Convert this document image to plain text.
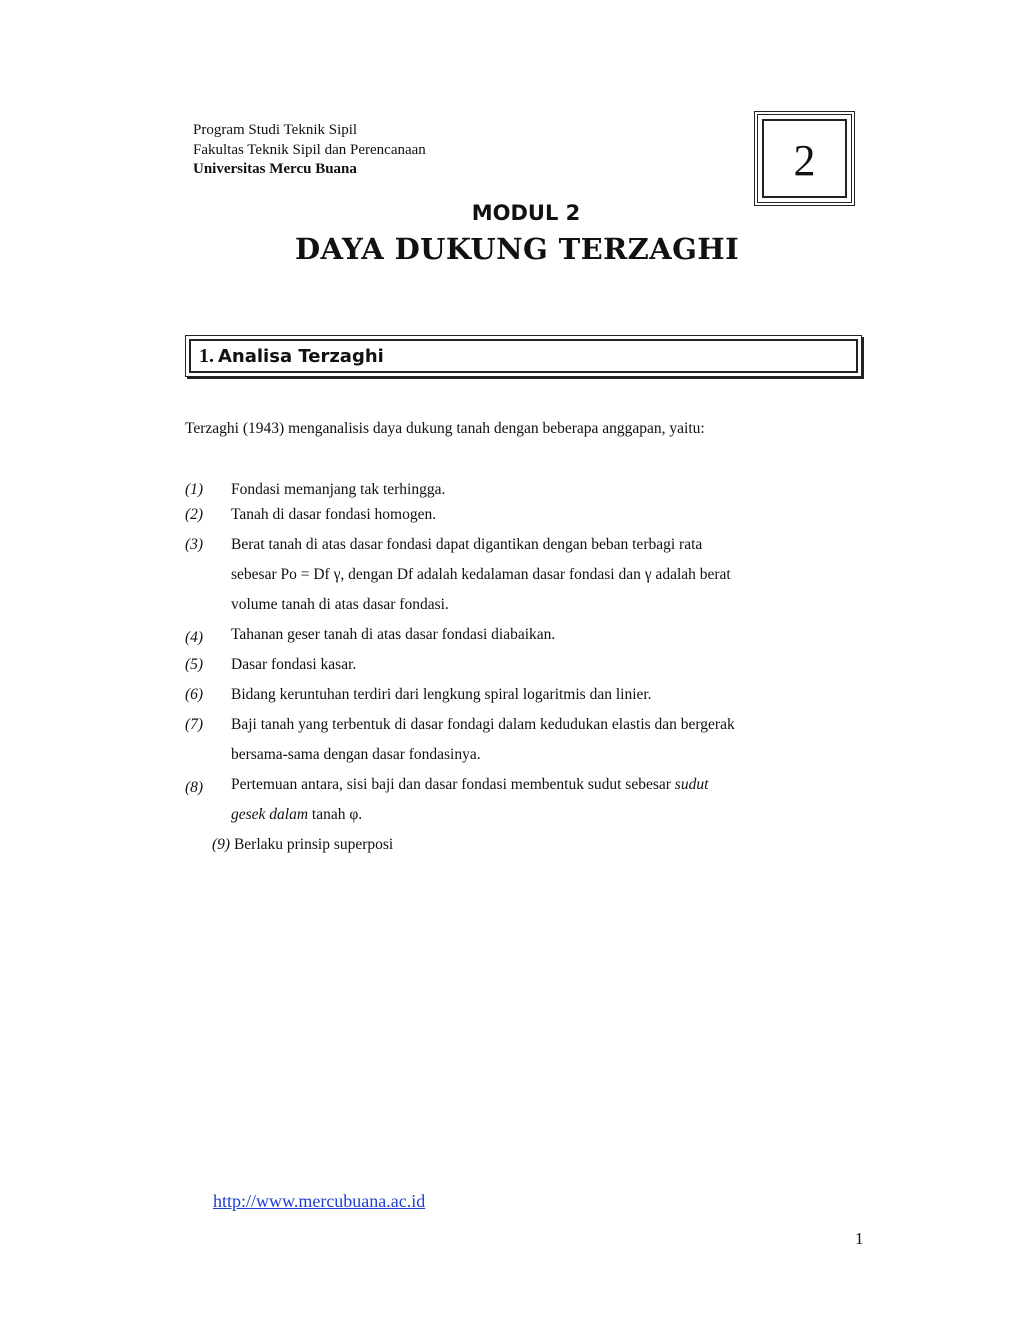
Program Studi Teknik Sipil
Fakultas Teknik Sipil dan Perencanaan
Universitas Mercu Buana	2
MODUL 2
DAYA DUKUNG TERZAGHI
1. Analisa Terzaghi
Terzaghi (1943) menganalisis daya dukung tanah dengan beberapa anggapan, yaitu:
(1) Fondasi memanjang tak terhingga.
(2) Tanah di dasar fondasi homogen.
(3) Berat tanah di atas dasar fondasi dapat digantikan dengan beban terbagi rata
sebesar Po = Df γ, dengan Df adalah kedalaman dasar fondasi dan γ adalah berat
volume tanah di atas dasar fondasi.
(4) Tahanan geser tanah di atas dasar fondasi diabaikan.
(5) Dasar fondasi kasar.
(6) Bidang keruntuhan terdiri dari lengkung spiral logaritmis dan linier.
(7) Baji tanah yang terbentuk di dasar fondagi dalam kedudukan elastis dan bergerak
bersama-sama dengan dasar fondasinya.
(8) Pertemuan antara, sisi baji dan dasar fondasi membentuk sudut sebesar sudut
gesek dalam tanah φ.
(9) Berlaku prinsip superposi
http://www.mercubuana.ac.id
1
